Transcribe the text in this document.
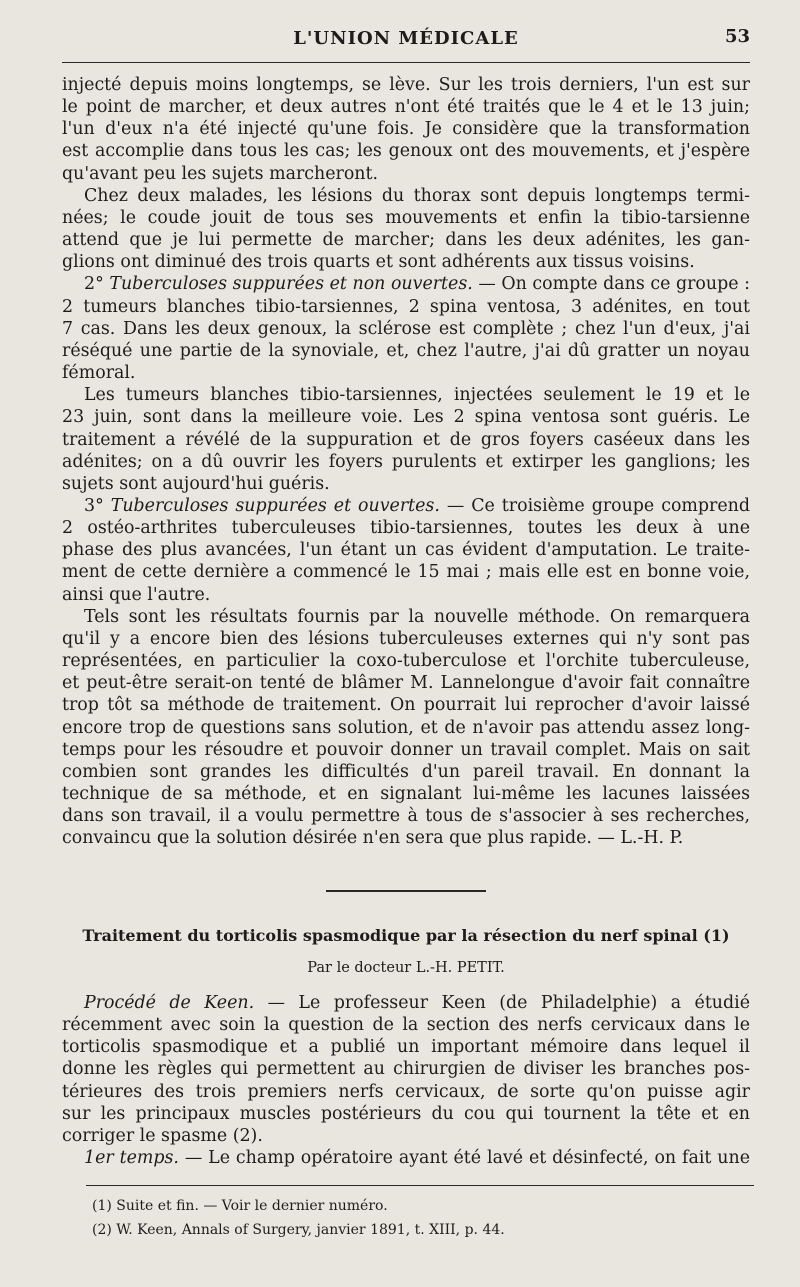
L'UNION MÉDICALE	53
injecté depuis moins longtemps, se lève. Sur les trois derniers, l'un est sur
le point de marcher, et deux autres n'ont été traités que le 4 et le 13 juin;
l'un d'eux n'a été injecté qu'une fois. Je considère que la transformation
est accomplie dans tous les cas; les genoux ont des mouvements, et j'espère
qu'avant peu les sujets marcheront.
Chez deux malades, les lésions du thorax sont depuis longtemps termi-
nées; le coude jouit de tous ses mouvements et enfin la tibio-tarsienne
attend que je lui permette de marcher; dans les deux adénites, les gan-
glions ont diminué des trois quarts et sont adhérents aux tissus voisins.
2° Tuberculoses suppurées et non ouvertes. — On compte dans ce groupe :
2 tumeurs blanches tibio-tarsiennes, 2 spina ventosa, 3 adénites, en tout
7 cas. Dans les deux genoux, la sclérose est complète ; chez l'un d'eux, j'ai
réséqué une partie de la synoviale, et, chez l'autre, j'ai dû gratter un noyau
fémoral.
Les tumeurs blanches tibio-tarsiennes, injectées seulement le 19 et le
23 juin, sont dans la meilleure voie. Les 2 spina ventosa sont guéris. Le
traitement a révélé de la suppuration et de gros foyers caséeux dans les
adénites; on a dû ouvrir les foyers purulents et extirper les ganglions; les
sujets sont aujourd'hui guéris.
3° Tuberculoses suppurées et ouvertes. — Ce troisième groupe comprend
2 ostéo-arthrites tuberculeuses tibio-tarsiennes, toutes les deux à une
phase des plus avancées, l'un étant un cas évident d'amputation. Le traite-
ment de cette dernière a commencé le 15 mai ; mais elle est en bonne voie,
ainsi que l'autre.
Tels sont les résultats fournis par la nouvelle méthode. On remarquera
qu'il y a encore bien des lésions tuberculeuses externes qui n'y sont pas
représentées, en particulier la coxo-tuberculose et l'orchite tuberculeuse,
et peut-être serait-on tenté de blâmer M. Lannelongue d'avoir fait connaître
trop tôt sa méthode de traitement. On pourrait lui reprocher d'avoir laissé
encore trop de questions sans solution, et de n'avoir pas attendu assez long-
temps pour les résoudre et pouvoir donner un travail complet. Mais on sait
combien sont grandes les difficultés d'un pareil travail. En donnant la
technique de sa méthode, et en signalant lui-même les lacunes laissées
dans son travail, il a voulu permettre à tous de s'associer à ses recherches,
convaincu que la solution désirée n'en sera que plus rapide. — L.-H. P.
Traitement du torticolis spasmodique par la résection du nerf spinal (1)
Par le docteur L.-H. PETIT.
Procédé de Keen. — Le professeur Keen (de Philadelphie) a étudié
récemment avec soin la question de la section des nerfs cervicaux dans le
torticolis spasmodique et a publié un important mémoire dans lequel il
donne les règles qui permettent au chirurgien de diviser les branches pos-
térieures des trois premiers nerfs cervicaux, de sorte qu'on puisse agir
sur les principaux muscles postérieurs du cou qui tournent la tête et en
corriger le spasme (2).
1er temps. — Le champ opératoire ayant été lavé et désinfecté, on fait une
(1) Suite et fin. — Voir le dernier numéro.
(2) W. Keen, Annals of Surgery, janvier 1891, t. XIII, p. 44.
